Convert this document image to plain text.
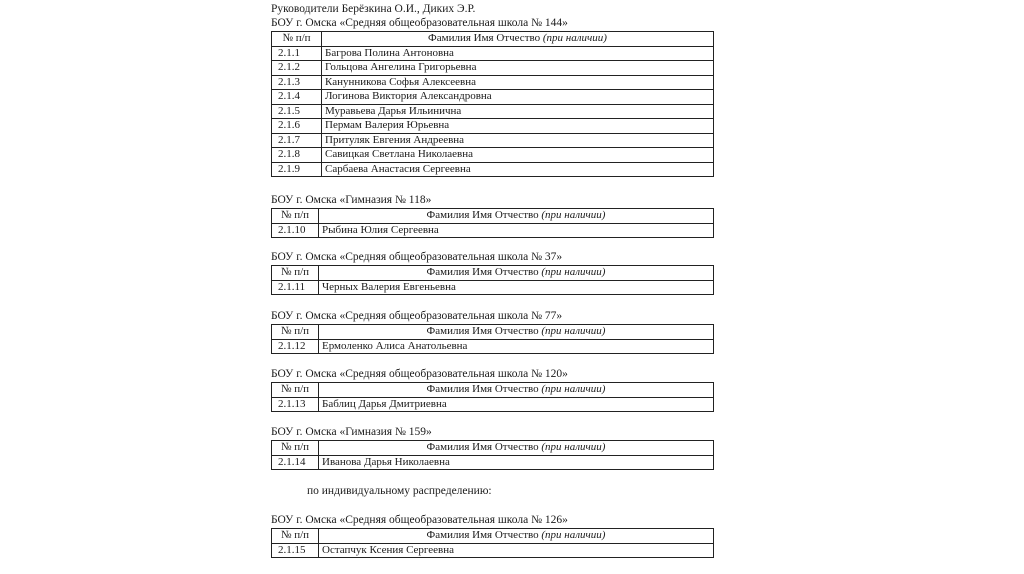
Руководители Берёзкина О.И., Диких Э.Р.
БОУ г. Омска «Средняя общеобразовательная школа № 144»
№ п/п	Фамилия Имя Отчество (при наличии)
2.1.1	Багрова Полина Антоновна
2.1.2	Гольцова Ангелина Григорьевна
2.1.3	Канунникова Софья Алексеевна
2.1.4	Логинова Виктория Александровна
2.1.5	Муравьева Дарья Ильинична
2.1.6	Пермам Валерия Юрьевна
2.1.7	Притуляк Евгения Андреевна
2.1.8	Савицкая Светлана Николаевна
2.1.9	Сарбаева Анастасия Сергеевна
БОУ г. Омска «Гимназия № 118»
№ п/п	Фамилия Имя Отчество (при наличии)
2.1.10	Рыбина Юлия Сергеевна
БОУ г. Омска «Средняя общеобразовательная школа № 37»
№ п/п	Фамилия Имя Отчество (при наличии)
2.1.11	Черных Валерия Евгеньевна
БОУ г. Омска «Средняя общеобразовательная школа № 77»
№ п/п	Фамилия Имя Отчество (при наличии)
2.1.12	Ермоленко Алиса Анатольевна
БОУ г. Омска «Средняя общеобразовательная школа № 120»
№ п/п	Фамилия Имя Отчество (при наличии)
2.1.13	Баблиц Дарья Дмитриевна
БОУ г. Омска «Гимназия № 159»
№ п/п	Фамилия Имя Отчество (при наличии)
2.1.14	Иванова Дарья Николаевна
по индивидуальному распределению:
БОУ г. Омска «Средняя общеобразовательная школа № 126»
№ п/п	Фамилия Имя Отчество (при наличии)
2.1.15	Остапчук Ксения Сергеевна
